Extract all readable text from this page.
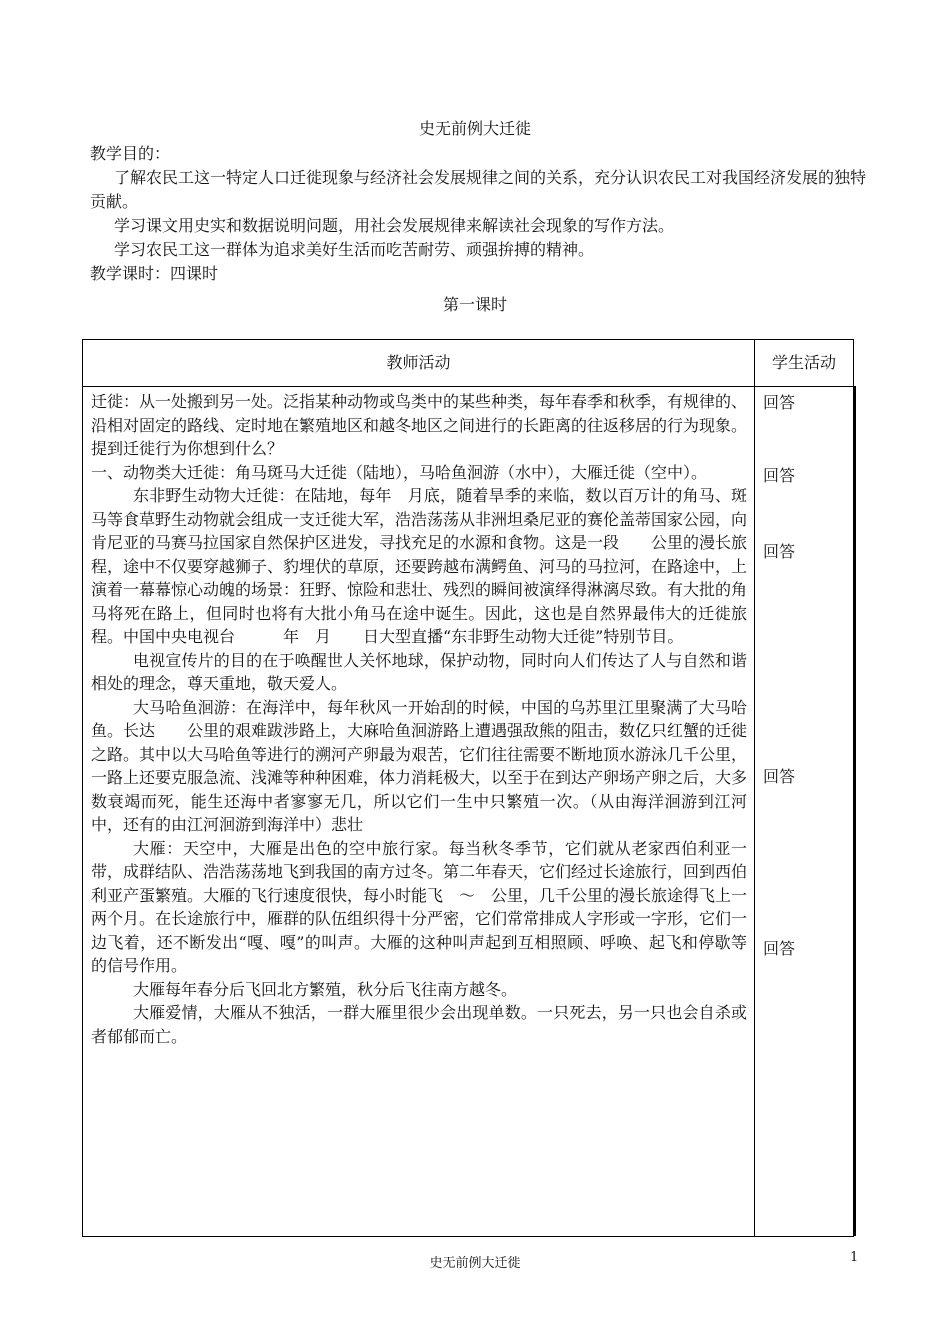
史无前例大迁徙

教学目的：

了解农民工这一特定人口迁徙现象与经济社会发展规律之间的关系，充分认识农民工对我国经济发展的独特贡献。

学习课文用史实和数据说明问题，用社会发展规律来解读社会现象的写作方法。

学习农民工这一群体为追求美好生活而吃苦耐劳、顽强拚搏的精神。

教学课时：四课时

第一课时
教师活动	学生活动

迁徙：从一处搬到另一处。泛指某种动物或鸟类中的某些种类，每年春季和秋季，有规律的、沿相对固定的路线、定时地在繁殖地区和越冬地区之间进行的长距离的往返移居的行为现象。

提到迁徙行为你想到什么？

一、动物类大迁徙：角马斑马大迁徙（陆地），马哈鱼洄游（水中），大雁迁徙（空中）。

东非野生动物大迁徙：在陆地，每年　月底，随着旱季的来临，数以百万计的角马、斑马等食草野生动物就会组成一支迁徙大军，浩浩荡荡从非洲坦桑尼亚的赛伦盖蒂国家公园，向肯尼亚的马赛马拉国家自然保护区进发，寻找充足的水源和食物。这是一段　　公里的漫长旅程，途中不仅要穿越狮子、豹埋伏的草原，还要跨越布满鳄鱼、河马的马拉河，在路途中，上演着一幕幕惊心动魄的场景：狂野、惊险和悲壮、残烈的瞬间被演绎得淋漓尽致。有大批的角马将死在路上，但同时也将有大批小角马在途中诞生。因此，这也是自然界最伟大的迁徙旅程。中国中央电视台　　　年　月　　日大型直播“东非野生动物大迁徙”特别节目。

电视宣传片的目的在于唤醒世人关怀地球，保护动物，同时向人们传达了人与自然和谐相处的理念，尊天重地，敬天爱人。

大马哈鱼洄游：在海洋中，每年秋风一开始刮的时候，中国的乌苏里江里聚满了大马哈鱼。长达　　公里的艰难跋涉路上，大麻哈鱼洄游路上遭遇强敌熊的阻击，数亿只红蟹的迁徙之路。其中以大马哈鱼等进行的溯河产卵最为艰苦，它们往往需要不断地顶水游泳几千公里，一路上还要克服急流、浅滩等种种困难，体力消耗极大，以至于在到达产卵场产卵之后，大多数衰竭而死，能生还海中者寥寥无几，所以它们一生中只繁殖一次。（从由海洋洄游到江河中，还有的由江河洄游到海洋中）悲壮

大雁：天空中，大雁是出色的空中旅行家。每当秋冬季节，它们就从老家西伯利亚一带，成群结队、浩浩荡荡地飞到我国的南方过冬。第二年春天，它们经过长途旅行，回到西伯利亚产蛋繁殖。大雁的飞行速度很快，每小时能飞　～　公里，几千公里的漫长旅途得飞上一两个月。在长途旅行中，雁群的队伍组织得十分严密，它们常常排成人字形或一字形，它们一边飞着，还不断发出“嘎、嘎”的叫声。大雁的这种叫声起到互相照顾、呼唤、起飞和停歇等的信号作用。

大雁每年春分后飞回北方繁殖，秋分后飞往南方越冬。

大雁爱情，大雁从不独活，一群大雁里很少会出现单数。一只死去，另一只也会自杀或者郁郁而亡。

回答
回答
回答
回答
回答
史无前例大迁徙	1
